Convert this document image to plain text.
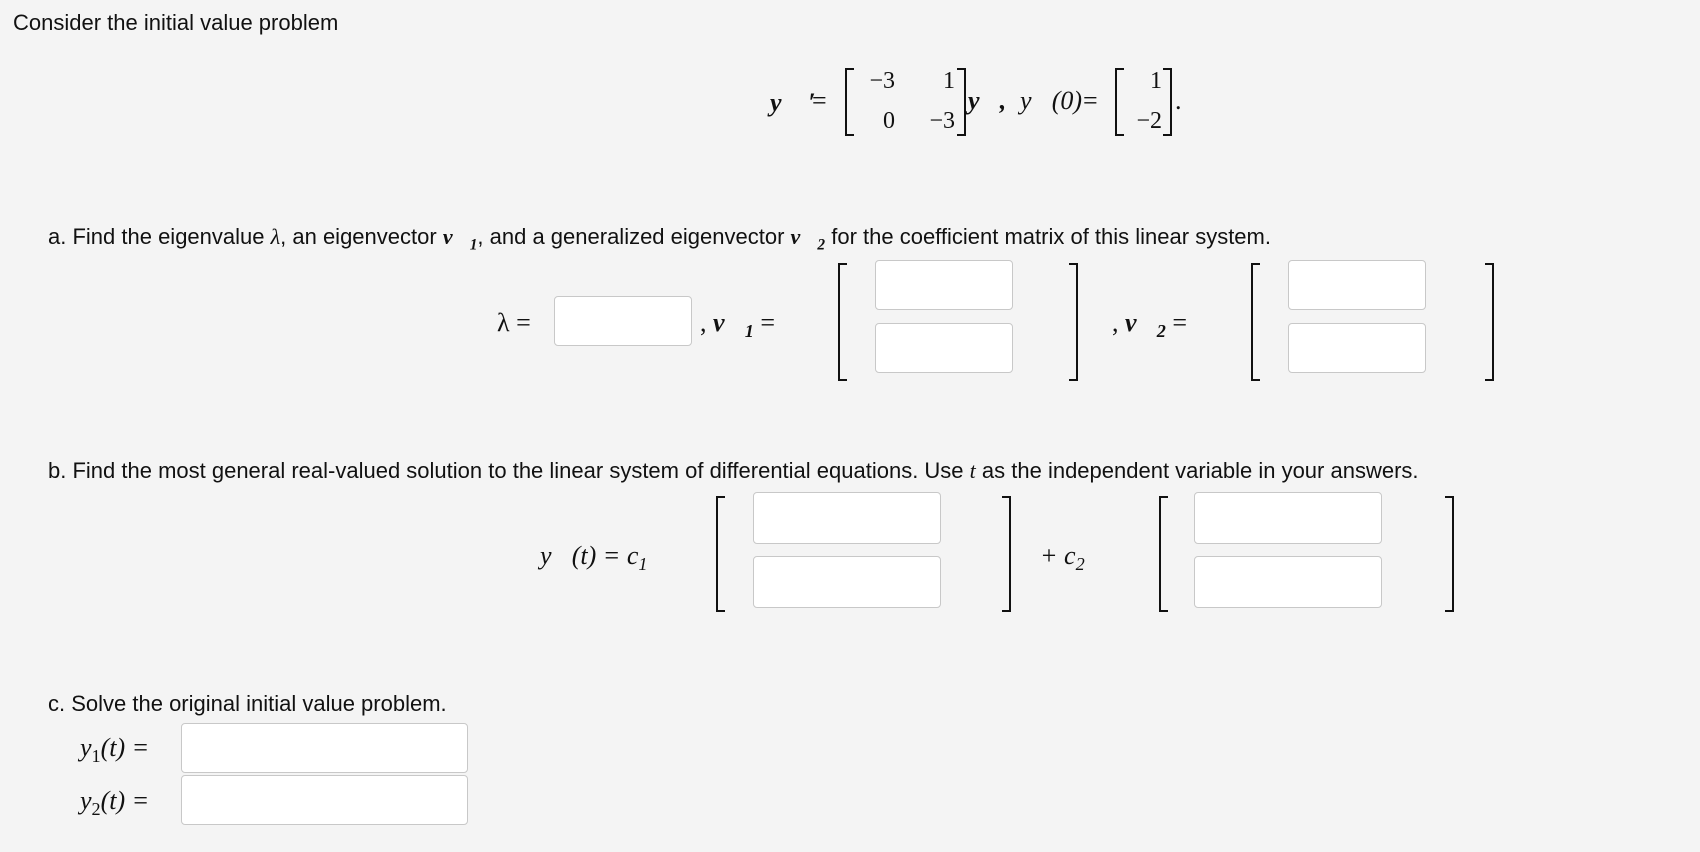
Consider the initial value problem
y⃗ ′
=
−3	1
0	−3
y⃗, y⃗(0) =
1
−2
.
a. Find the eigenvalue λ, an eigenvector $v⃗_1$, and a generalized eigenvector $v⃗_2$ for the coefficient matrix of this linear system.
λ =	, $v⃗_1$ =	, $v⃗_2$ =
b. Find the most general real-valued solution to the linear system of differential equations. Use t as the independent variable in your answers.
y⃗(t) = $c_1$	+ $c_2$
c. Solve the original initial value problem.
$y_1(t)$ =
$y_2(t)$ =
